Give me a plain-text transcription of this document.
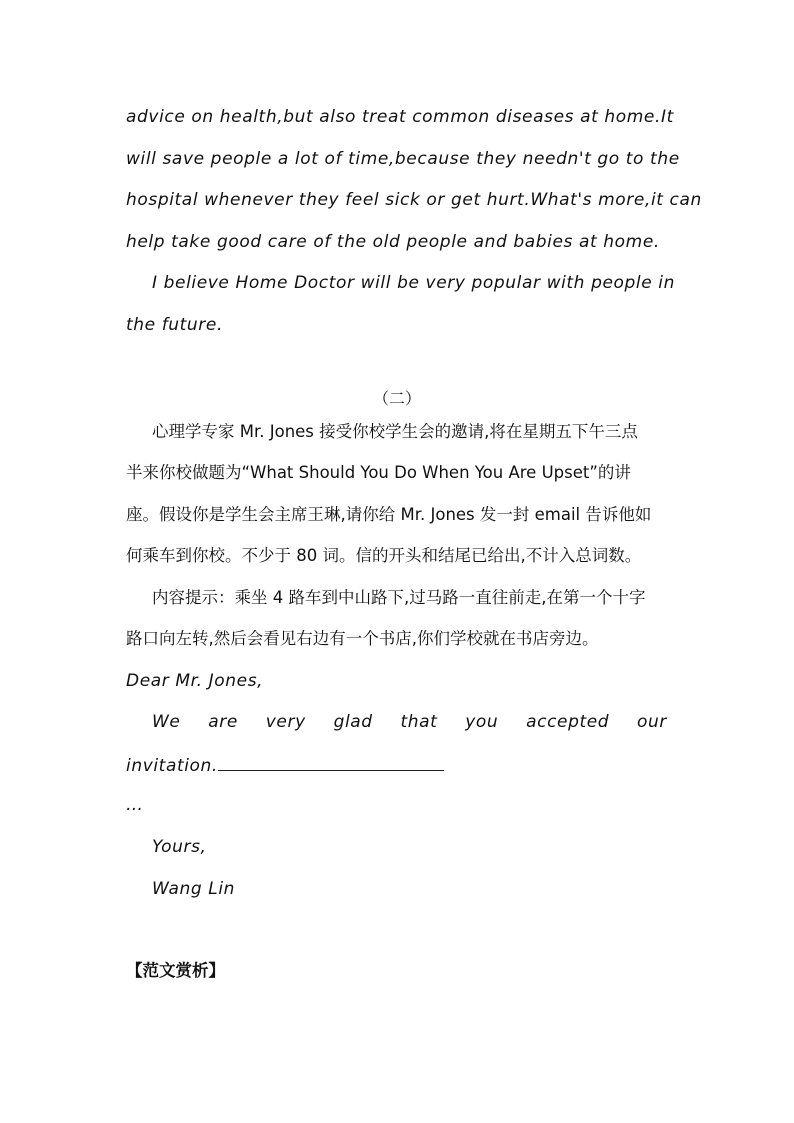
advice on health,but also treat common diseases at home.It
will save people a lot of time,because they needn't go to the
hospital whenever they feel sick or get hurt.What's more,it can
help take good care of the old people and babies at home.
I believe Home Doctor will be very popular with people in
the future.
（二）
心理学专家 Mr. Jones 接受你校学生会的邀请,将在星期五下午三点
半来你校做题为“What Should You Do When You Are Upset”的讲
座。假设你是学生会主席王琳,请你给 Mr. Jones 发一封 email 告诉他如
何乘车到你校。不少于 80 词。信的开头和结尾已给出,不计入总词数。
内容提示：乘坐 4 路车到中山路下,过马路一直往前走,在第一个十字
路口向左转,然后会看见右边有一个书店,你们学校就在书店旁边。
Dear Mr. Jones,
We are very glad that you accepted our
invitation.
…
Yours,
Wang Lin
【范文赏析】
